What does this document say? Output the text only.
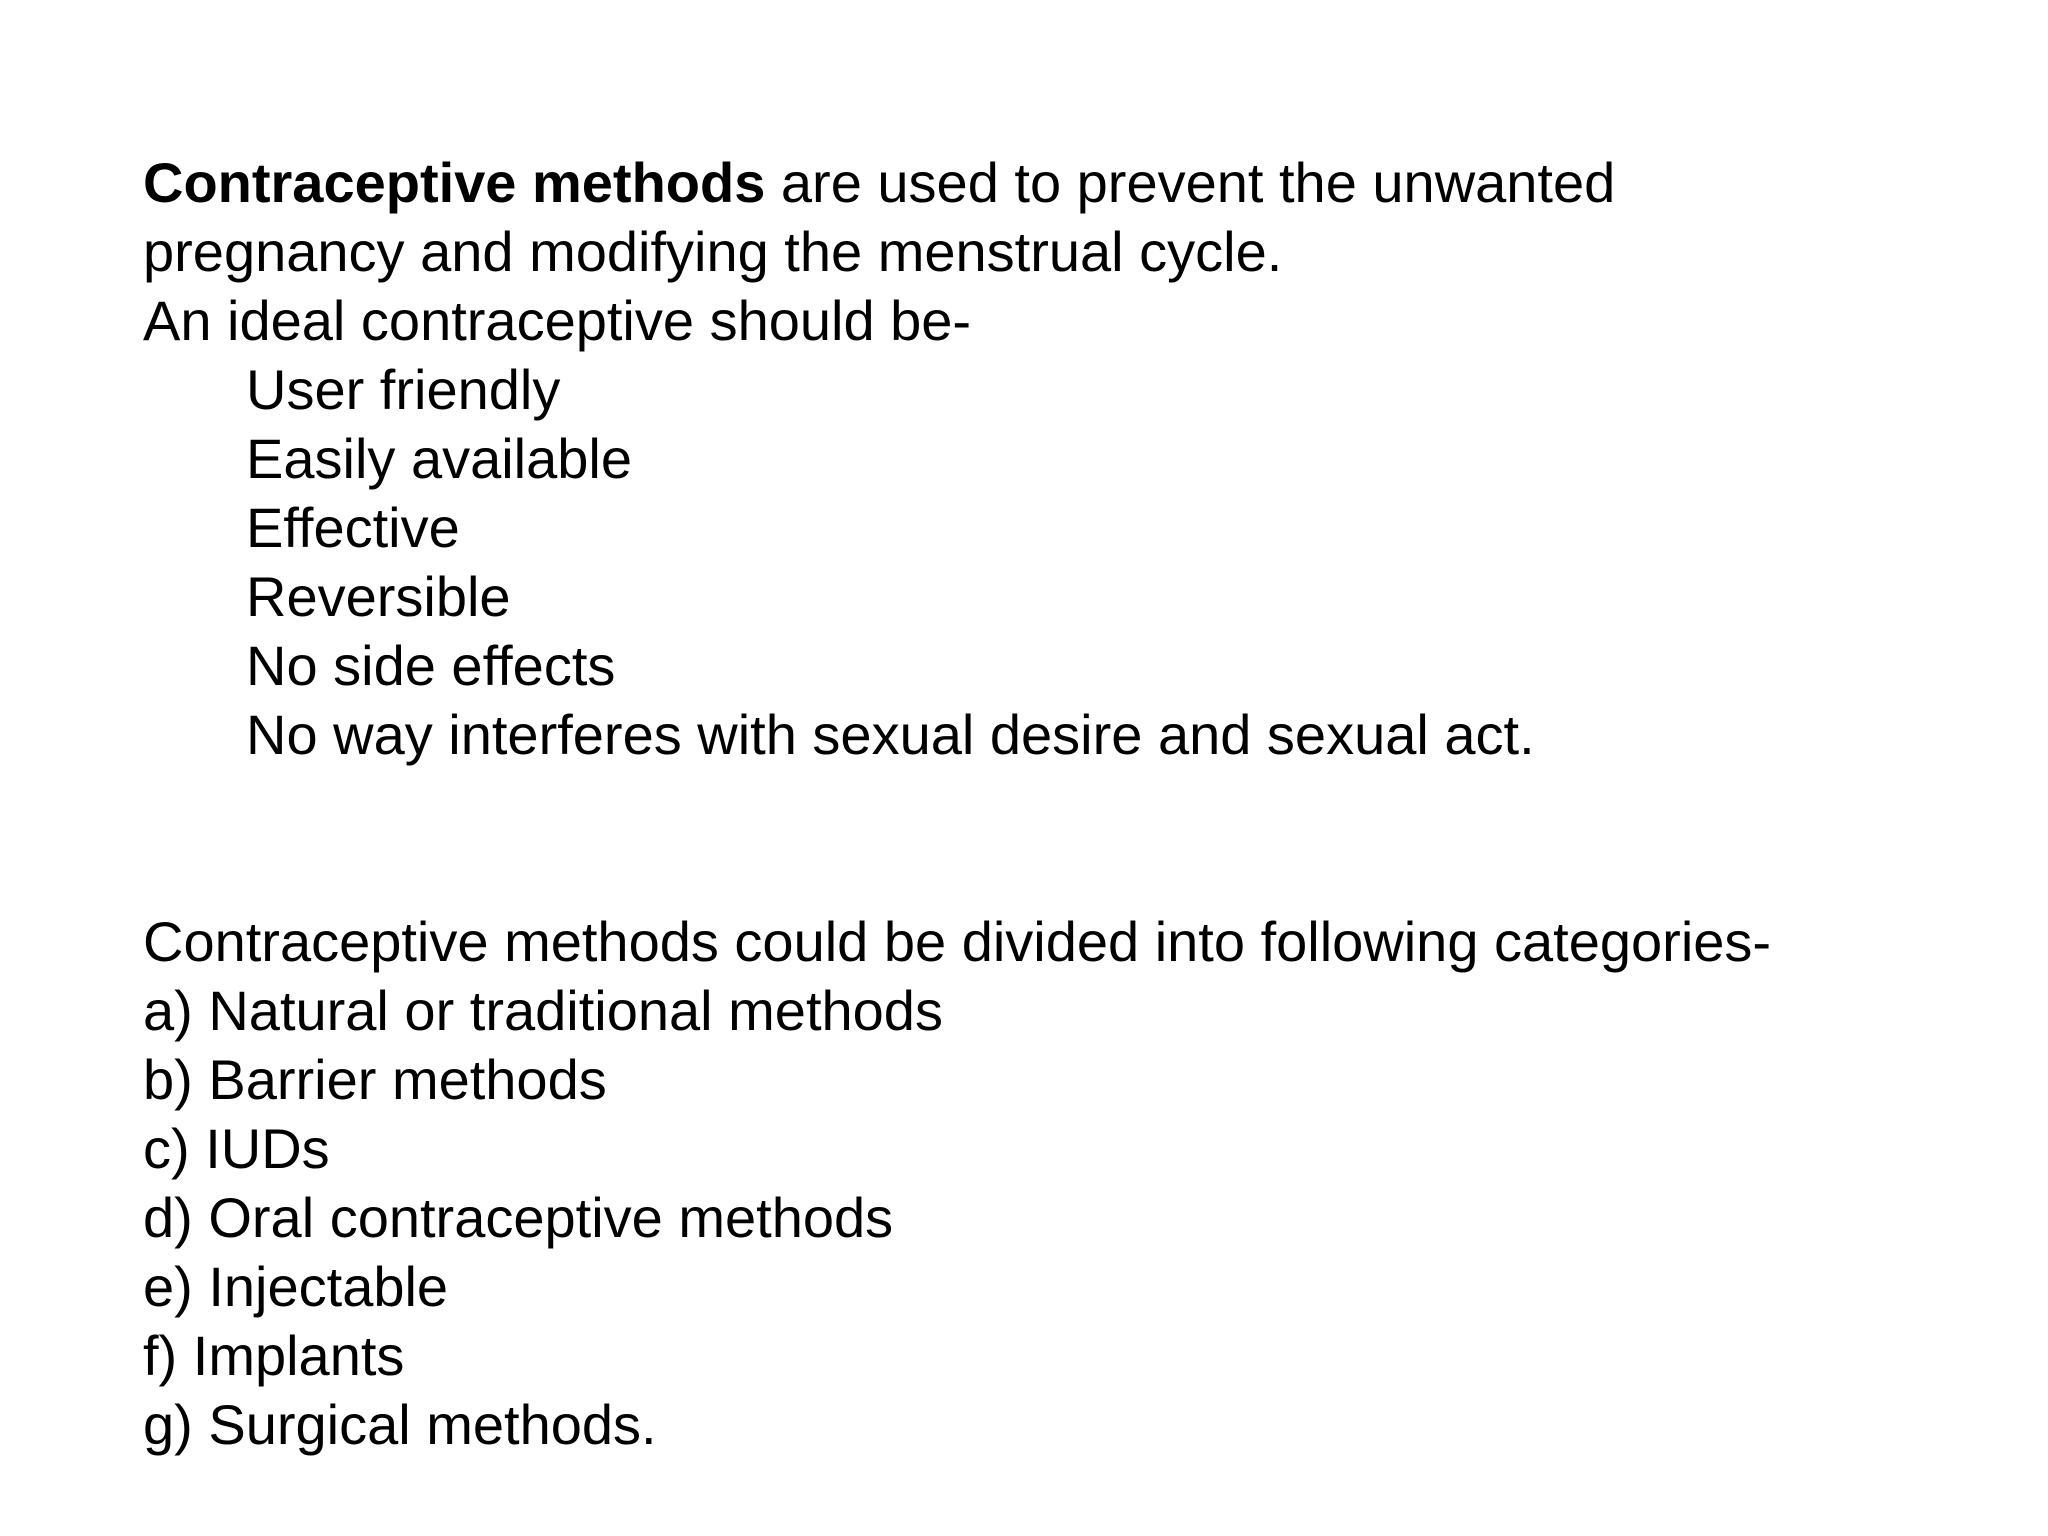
Contraceptive methods are used to prevent the unwanted
pregnancy and modifying the menstrual cycle.
An ideal contraceptive should be-
User friendly
Easily available
Effective
Reversible
No side effects
No way interferes with sexual desire and sexual act.
Contraceptive methods could be divided into following categories-
a) Natural or traditional methods
b) Barrier methods
c) IUDs
d) Oral contraceptive methods
e) Injectable
f) Implants
g) Surgical methods.
